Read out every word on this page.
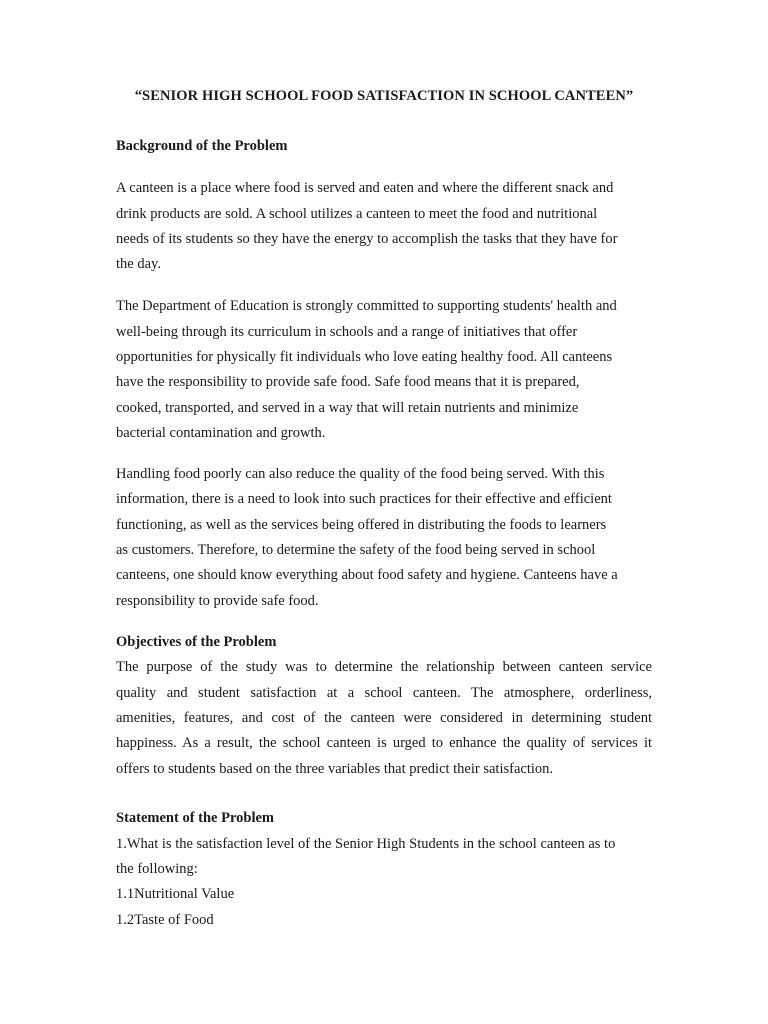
“SENIOR HIGH SCHOOL FOOD SATISFACTION IN SCHOOL CANTEEN”
Background of the Problem
A canteen is a place where food is served and eaten and where the different snack and
drink products are sold. A school utilizes a canteen to meet the food and nutritional
needs of its students so they have the energy to accomplish the tasks that they have for
the day.
The Department of Education is strongly committed to supporting students' health and
well-being through its curriculum in schools and a range of initiatives that offer
opportunities for physically fit individuals who love eating healthy food. All canteens
have the responsibility to provide safe food. Safe food means that it is prepared,
cooked, transported, and served in a way that will retain nutrients and minimize
bacterial contamination and growth.
Handling food poorly can also reduce the quality of the food being served. With this
information, there is a need to look into such practices for their effective and efficient
functioning, as well as the services being offered in distributing the foods to learners
as customers. Therefore, to determine the safety of the food being served in school
canteens, one should know everything about food safety and hygiene. Canteens have a
responsibility to provide safe food.
Objectives of the Problem
The purpose of the study was to determine the relationship between canteen service
quality and student satisfaction at a school canteen. The atmosphere, orderliness,
amenities, features, and cost of the canteen were considered in determining student
happiness. As a result, the school canteen is urged to enhance the quality of services it
offers to students based on the three variables that predict their satisfaction.
Statement of the Problem
1.What is the satisfaction level of the Senior High Students in the school canteen as to
the following:
1.1Nutritional Value
1.2Taste of Food
